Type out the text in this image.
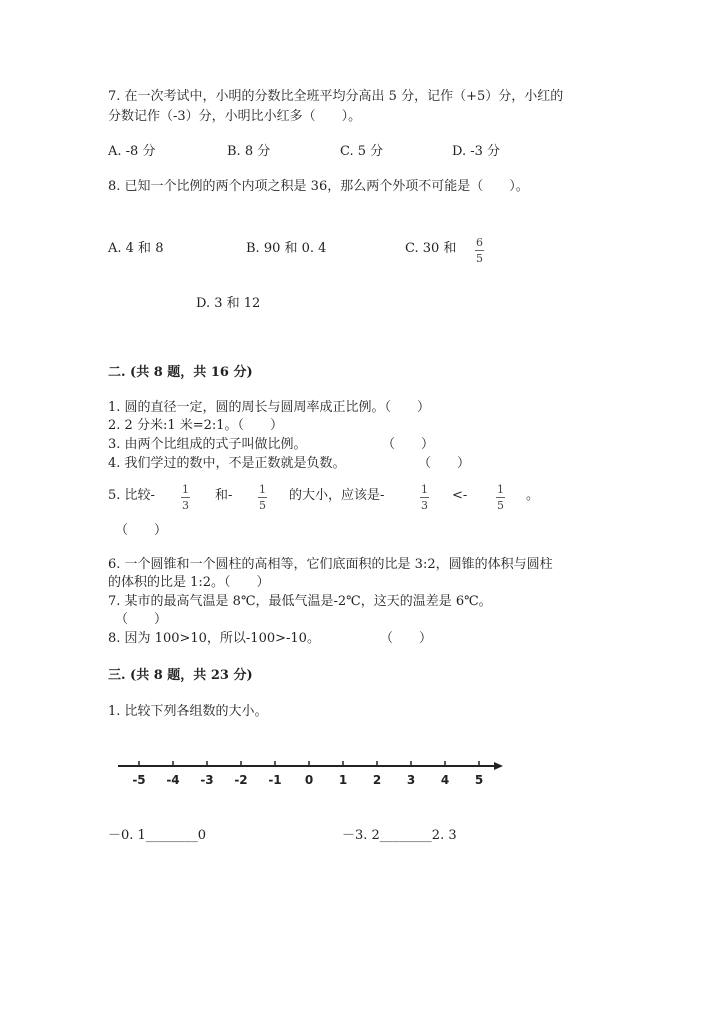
7. 在一次考试中，小明的分数比全班平均分高出 5 分，记作（+5）分，小红的
分数记作（-3）分，小明比小红多（　　）。
A. -8 分	B. 8 分	C. 5 分	D. -3 分
8. 已知一个比例的两个内项之积是 36，那么两个外项不可能是（　　）。
A. 4 和 8	B. 90 和 0. 4	C. 30 和 6
5
D. 3 和 12
二. (共 8 题，共 16 分)
1. 圆的直径一定，圆的周长与圆周率成正比例。（　　）
2. 2 分米:1 米=2:1。（　　）
3. 由两个比组成的式子叫做比例。	（　　）
4. 我们学过的数中，不是正数就是负数。	（　　）
5. 比较- 1
3
和- 1
5
的大小，应该是-	1
3
<-	1
5
。
（　　）
6. 一个圆锥和一个圆柱的高相等，它们底面积的比是 3:2，圆锥的体积与圆柱
的体积的比是 1:2。（　　）
7. 某市的最高气温是 8℃，最低气温是-2℃，这天的温差是 6℃。
（　　）
8. 因为 100>10，所以-100>-10。	（　　）
三. (共 8 题，共 23 分)
1. 比较下列各组数的大小。
-5 -4 -3 -2 -1 0 1 2 3 4 5
－0. 1________0	－3. 2________2. 3
